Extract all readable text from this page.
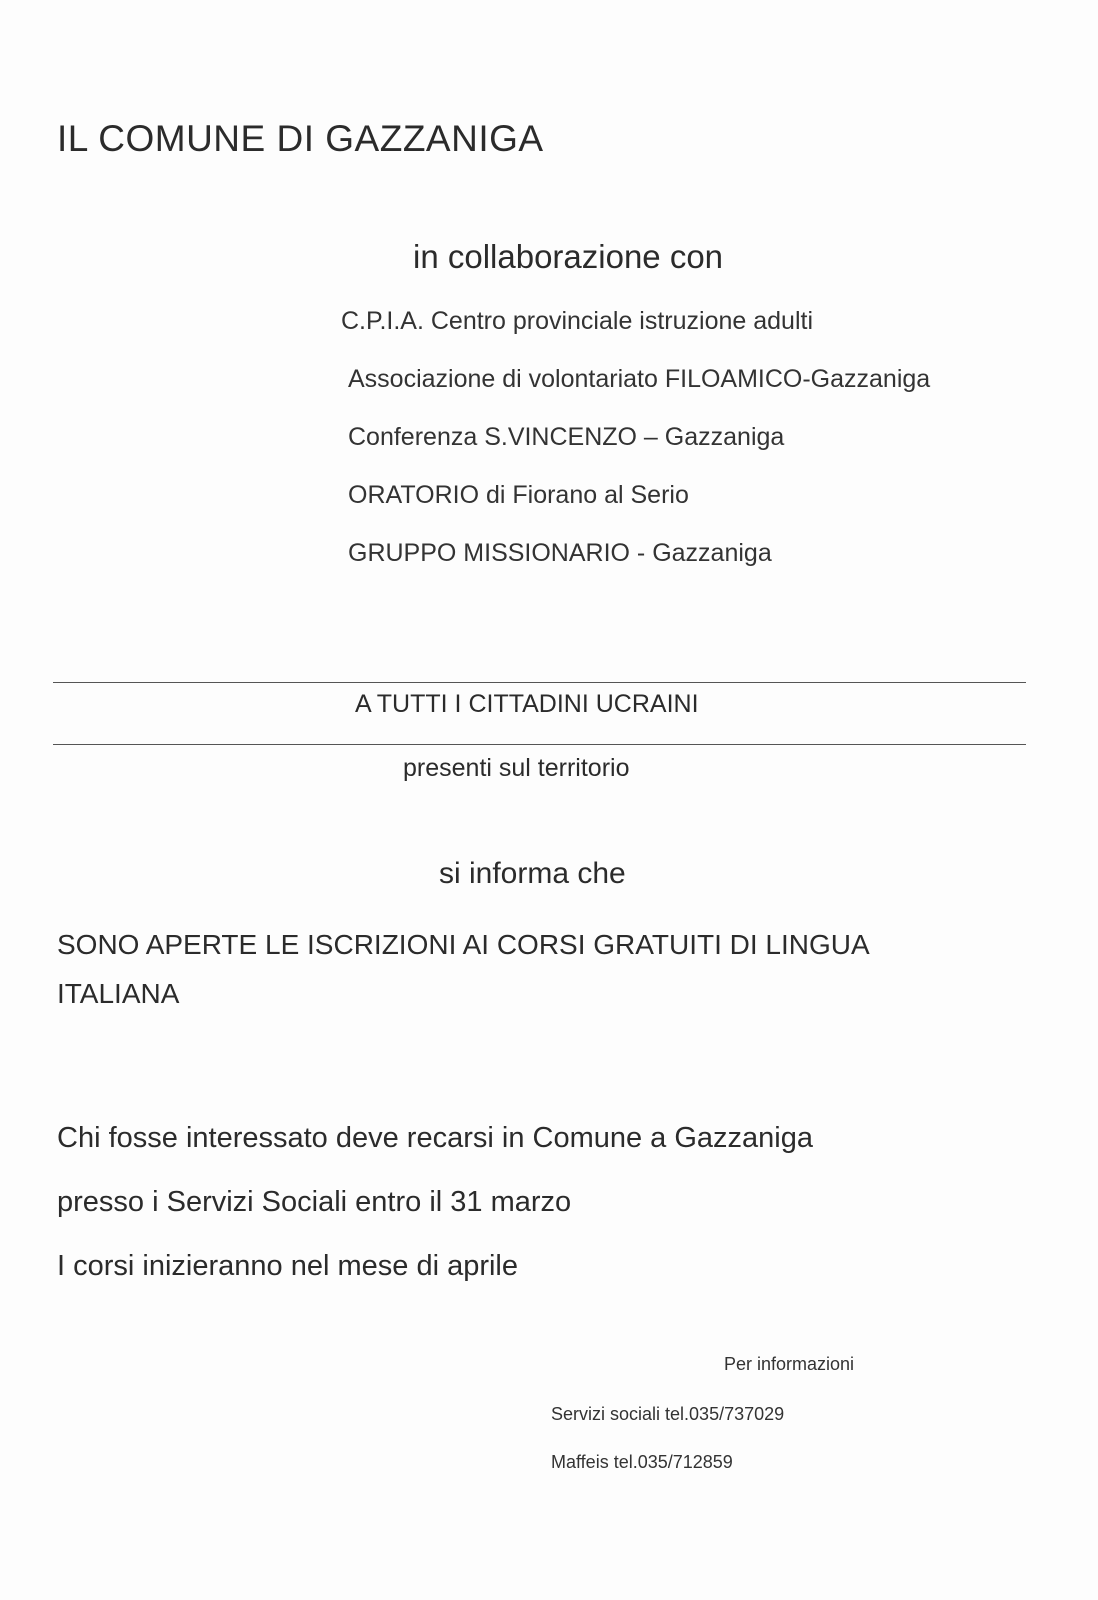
IL COMUNE DI GAZZANIGA
in collaborazione con
C.P.I.A. Centro provinciale istruzione adulti
Associazione di volontariato FILOAMICO-Gazzaniga
Conferenza S.VINCENZO – Gazzaniga
ORATORIO di Fiorano al Serio
GRUPPO MISSIONARIO - Gazzaniga
A TUTTI I CITTADINI UCRAINI
presenti sul territorio
si informa che
SONO APERTE LE ISCRIZIONI AI CORSI GRATUITI DI LINGUA ITALIANA
Chi fosse interessato deve recarsi in Comune a Gazzaniga
presso i Servizi Sociali entro il 31 marzo
I corsi inizieranno nel mese di aprile
Per informazioni
Servizi sociali tel.035/737029
Maffeis tel.035/712859
